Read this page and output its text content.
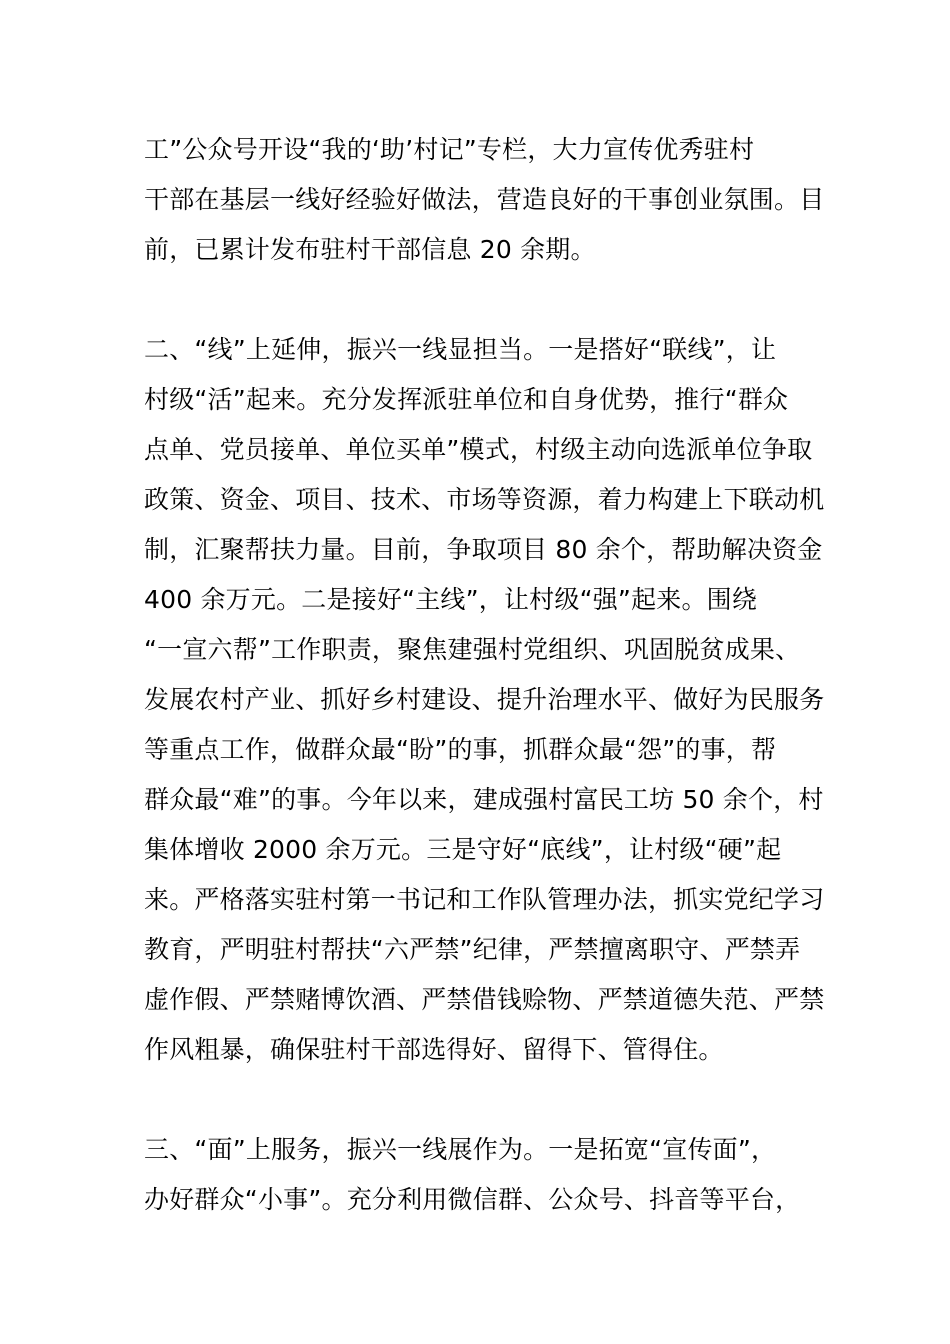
工”公众号开设“我的‘助’村记”专栏，大力宣传优秀驻村
干部在基层一线好经验好做法，营造良好的干事创业氛围。目
前，已累计发布驻村干部信息 20 余期。
二、“线”上延伸，振兴一线显担当。一是搭好“联线”，让
村级“活”起来。充分发挥派驻单位和自身优势，推行“群众
点单、党员接单、单位买单”模式，村级主动向选派单位争取
政策、资金、项目、技术、市场等资源，着力构建上下联动机
制，汇聚帮扶力量。目前，争取项目 80 余个，帮助解决资金
400 余万元。二是接好“主线”，让村级“强”起来。围绕
“一宣六帮”工作职责，聚焦建强村党组织、巩固脱贫成果、
发展农村产业、抓好乡村建设、提升治理水平、做好为民服务
等重点工作，做群众最“盼”的事，抓群众最“怨”的事，帮
群众最“难”的事。今年以来，建成强村富民工坊 50 余个，村
集体增收 2000 余万元。三是守好“底线”，让村级“硬”起
来。严格落实驻村第一书记和工作队管理办法，抓实党纪学习
教育，严明驻村帮扶“六严禁”纪律，严禁擅离职守、严禁弄
虚作假、严禁赌博饮酒、严禁借钱赊物、严禁道德失范、严禁
作风粗暴，确保驻村干部选得好、留得下、管得住。
三、“面”上服务，振兴一线展作为。一是拓宽“宣传面”，
办好群众“小事”。充分利用微信群、公众号、抖音等平台，
